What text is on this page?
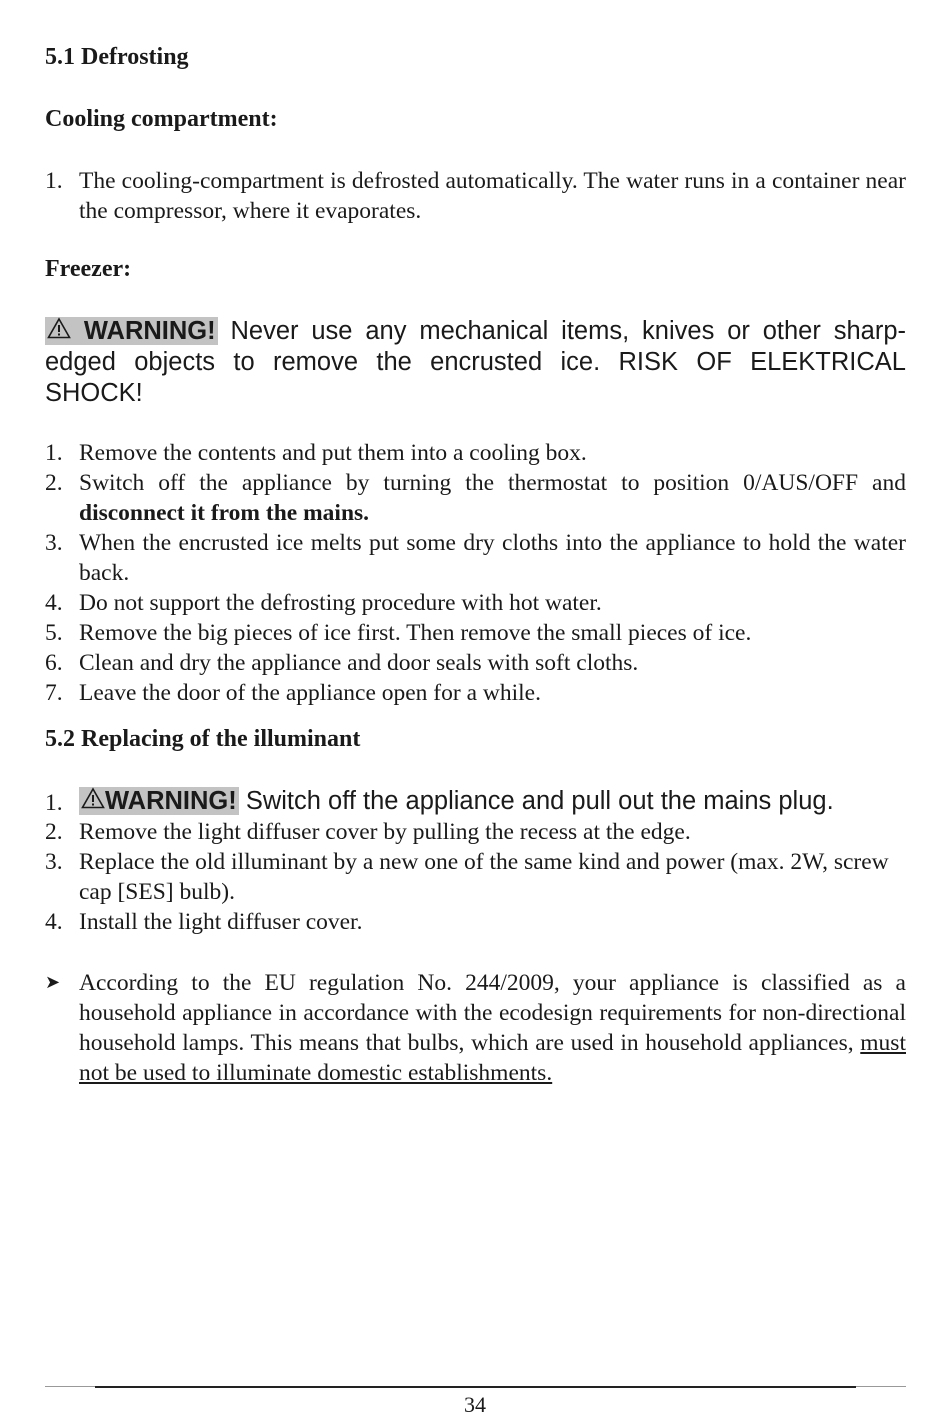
5.1 Defrosting
Cooling compartment:
1. The cooling-compartment is defrosted automatically. The water runs in a container near the compressor, where it evaporates.
Freezer:
WARNING! Never use any mechanical items, knives or other sharp-edged objects to remove the encrusted ice. RISK OF ELEKTRICAL SHOCK!
1. Remove the contents and put them into a cooling box.
2. Switch off the appliance by turning the thermostat to position 0/AUS/OFF and disconnect it from the mains.
3. When the encrusted ice melts put some dry cloths into the appliance to hold the water back.
4. Do not support the defrosting procedure with hot water.
5. Remove the big pieces of ice first. Then remove the small pieces of ice.
6. Clean and dry the appliance and door seals with soft cloths.
7. Leave the door of the appliance open for a while.
5.2 Replacing of the illuminant
1. WARNING! Switch off the appliance and pull out the mains plug.
2. Remove the light diffuser cover by pulling the recess at the edge.
3. Replace the old illuminant by a new one of the same kind and power (max. 2W, screw cap [SES] bulb).
4. Install the light diffuser cover.
➤ According to the EU regulation No. 244/2009, your appliance is classified as a household appliance in accordance with the ecodesign requirements for non-directional household lamps. This means that bulbs, which are used in household appliances, must not be used to illuminate domestic establishments.
34
